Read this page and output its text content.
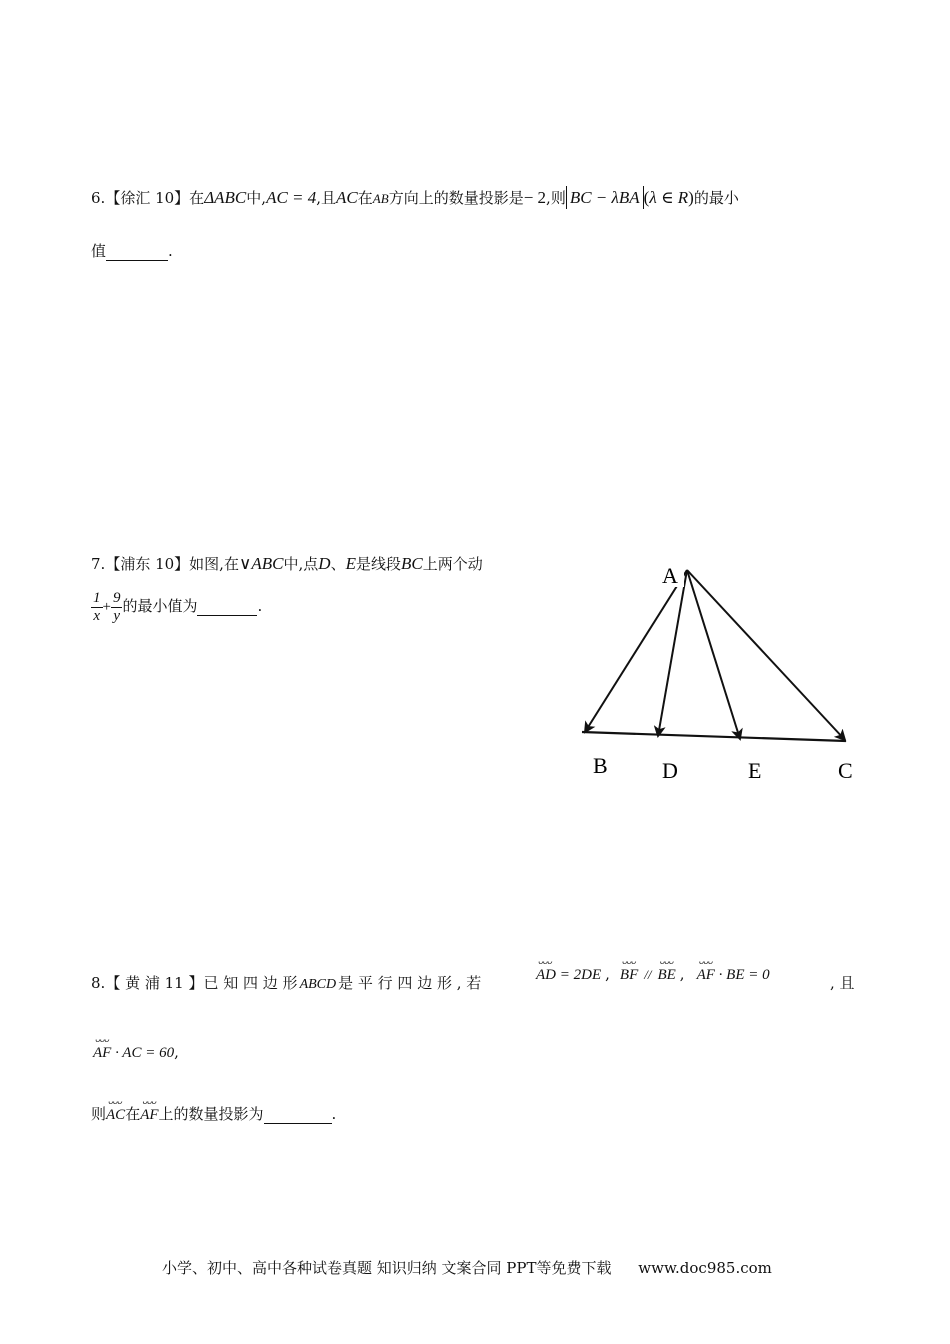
6.【徐汇 10】在ΔABC中,AC = 4,且AC在AB方向上的数量投影是− 2,则 BC − λBA (λ ∈ R)的最小
值	.
7.【浦东 10】如图,在∨ABC中,点D、E是线段BC上两个动
$\frac{1}{x} + \frac{9}{y}$ 的最小值为	.
A
B D	E	C
8.【 黄 浦 11 】已 知 四 边 形 ABCD 是 平 行 四 边 形 , 若
ᴗᴗᴗ
AD = 2DE ,
ᴗᴗᴗ
BF //
ᴗᴗᴗ
BE ,
ᴗᴗᴗ
AF · BE = 0	, 且
ᴗᴗᴗ
AF · AC = 60,
则
ᴗᴗᴗ
AC在
ᴗᴗᴗ
AF上的数量投影为	.
小学、初中、高中各种试卷真题 知识归纳 文案合同 PPT等免费下载 www.doc985.com
